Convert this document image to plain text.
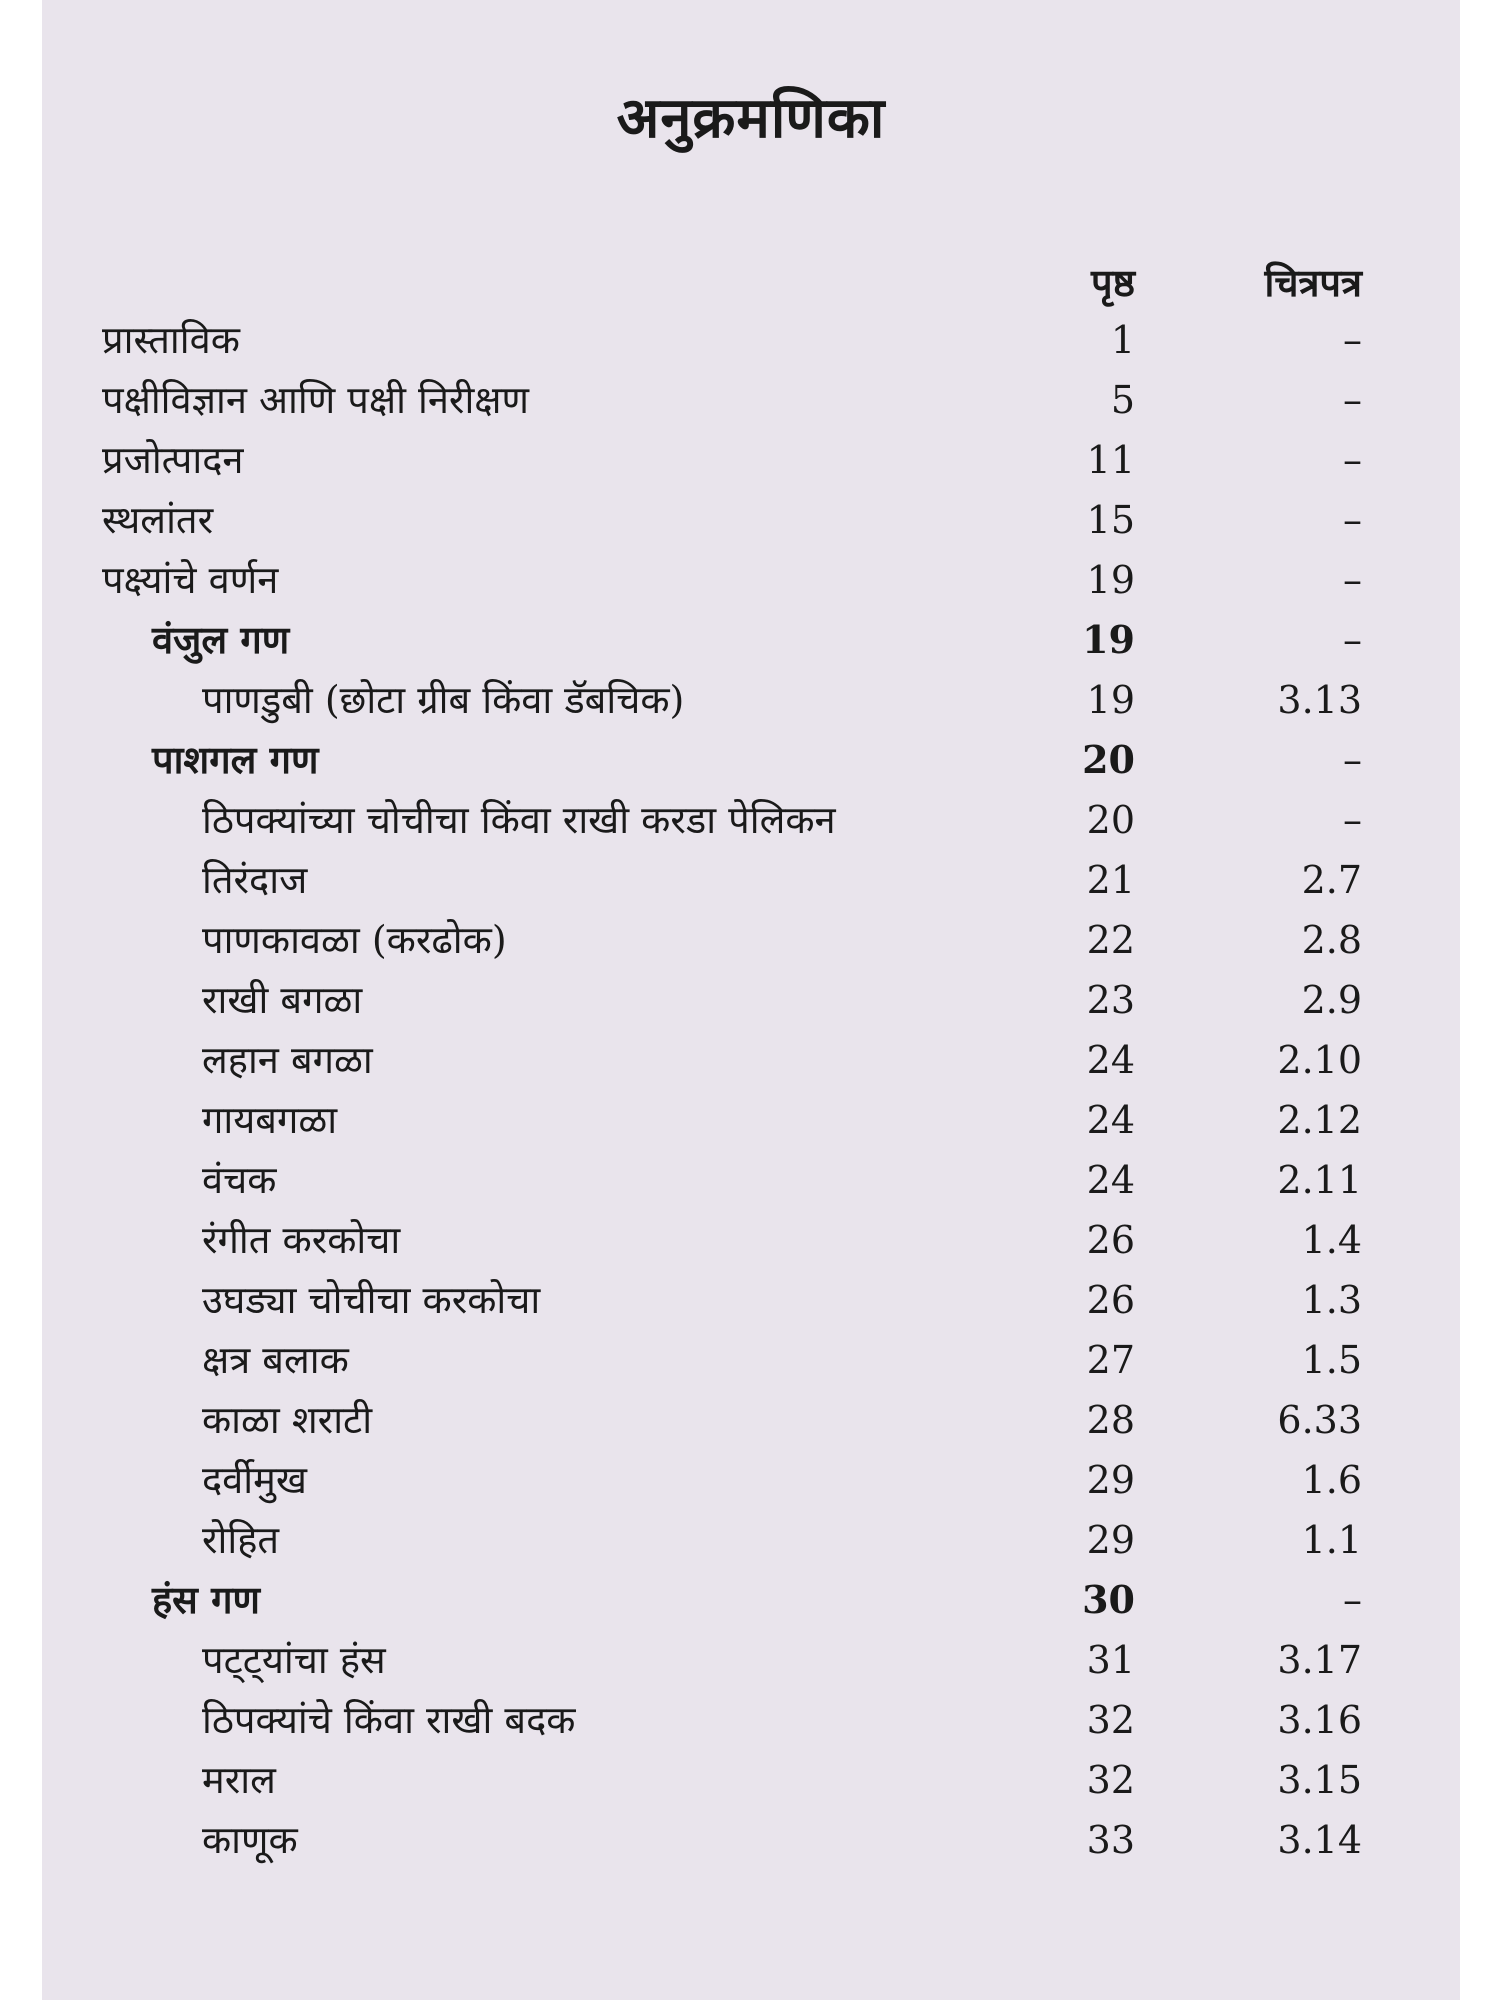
अनुक्रमणिका
पृष्ठ	चित्रपत्र
प्रास्ताविक	1	–
पक्षीविज्ञान आणि पक्षी निरीक्षण	5	–
प्रजोत्पादन	11	–
स्थलांतर	15	–
पक्ष्यांचे वर्णन	19	–
वंजुल गण	19	–
पाणडुबी (छोटा ग्रीब किंवा डॅबचिक)	19	3.13
पाशगल गण	20	–
ठिपक्यांच्या चोचीचा किंवा राखी करडा पेलिकन	20	–
तिरंदाज	21	2.7
पाणकावळा (करढोक)	22	2.8
राखी बगळा	23	2.9
लहान बगळा	24	2.10
गायबगळा	24	2.12
वंचक	24	2.11
रंगीत करकोचा	26	1.4
उघड्या चोचीचा करकोचा	26	1.3
क्षत्र बलाक	27	1.5
काळा शराटी	28	6.33
दर्वीमुख	29	1.6
रोहित	29	1.1
हंस गण	30	–
पट्ट्यांचा हंस	31	3.17
ठिपक्यांचे किंवा राखी बदक	32	3.16
मराल	32	3.15
काणूक	33	3.14
